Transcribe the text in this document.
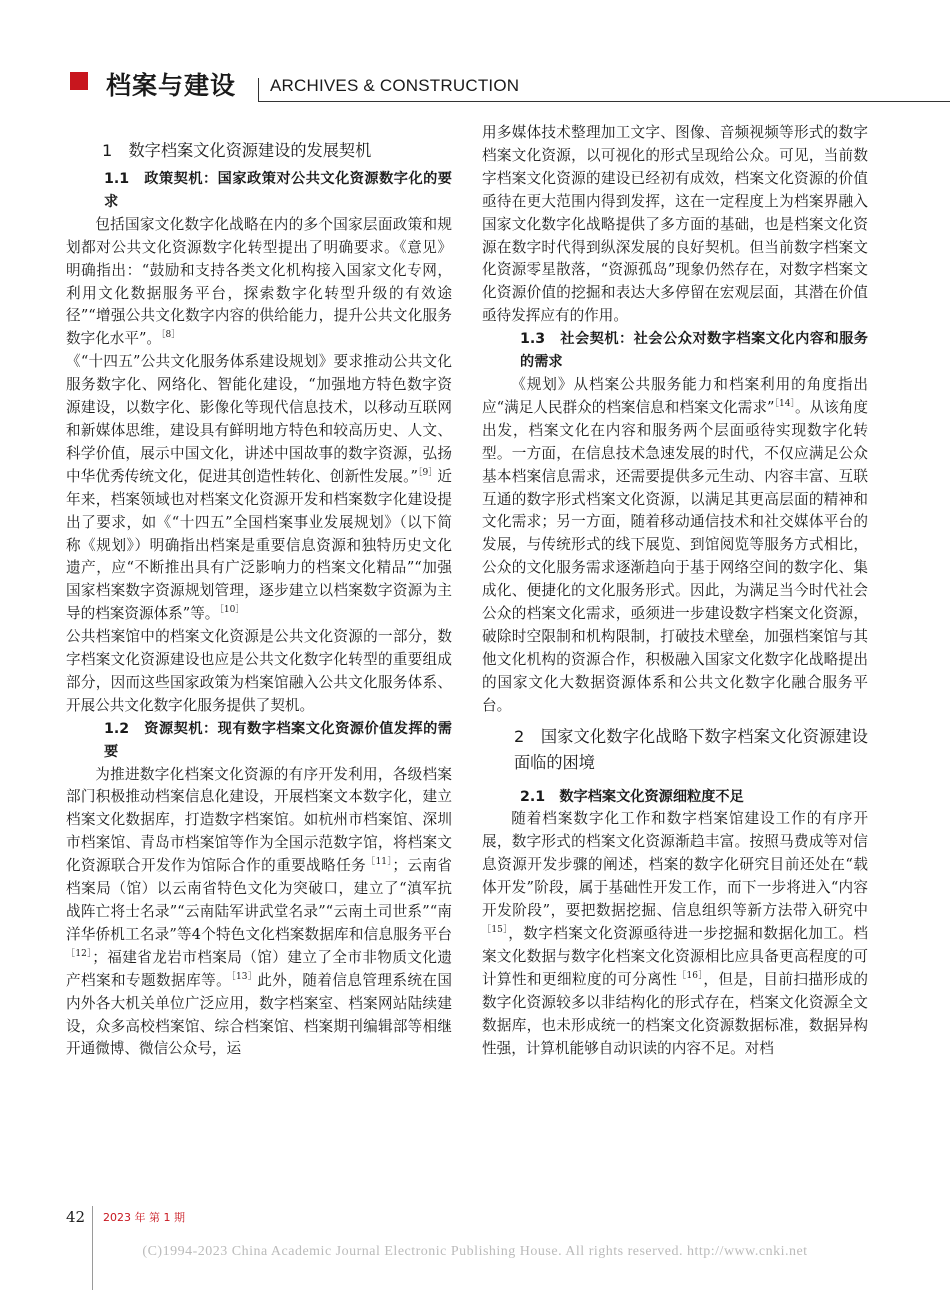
档案与建设 ARCHIVES & CONSTRUCTION
1　数字档案文化资源建设的发展契机
1.1　政策契机：国家政策对公共文化资源数字化的要求

包括国家文化数字化战略在内的多个国家层面政策和规划都对公共文化资源数字化转型提出了明确要求。《意见》明确指出：“鼓励和支持各类文化机构接入国家文化专网，利用文化数据服务平台，探索数字化转型升级的有效途径”“增强公共文化数字内容的供给能力，提升公共文化服务数字化水平”。$^{[8]}$

《“十四五”公共文化服务体系建设规划》要求推动公共文化服务数字化、网络化、智能化建设，“加强地方特色数字资源建设，以数字化、影像化等现代信息技术，以移动互联网和新媒体思维，建设具有鲜明地方特色和较高历史、人文、科学价值，展示中国文化，讲述中国故事的数字资源，弘扬中华优秀传统文化，促进其创造性转化、创新性发展。”$^{[9]}$近年来，档案领域也对档案文化资源开发和档案数字化建设提出了要求，如《“十四五”全国档案事业发展规划》（以下简称《规划》）明确指出档案是重要信息资源和独特历史文化遗产，应“不断推出具有广泛影响力的档案文化精品”“加强国家档案数字资源规划管理，逐步建立以档案数字资源为主导的档案资源体系”等。$^{[10]}$

公共档案馆中的档案文化资源是公共文化资源的一部分，数字档案文化资源建设也应是公共文化数字化转型的重要组成部分，因而这些国家政策为档案馆融入公共文化服务体系、开展公共文化数字化服务提供了契机。

1.2　资源契机：现有数字档案文化资源价值发挥的需要

为推进数字化档案文化资源的有序开发利用，各级档案部门积极推动档案信息化建设，开展档案文本数字化，建立档案文化数据库，打造数字档案馆。如杭州市档案馆、深圳市档案馆、青岛市档案馆等作为全国示范数字馆，将档案文化资源联合开发作为馆际合作的重要战略任务$^{[11]}$；云南省档案局（馆）以云南省特色文化为突破口，建立了“滇军抗战阵亡将士名录”“云南陆军讲武堂名录”“云南土司世系”“南洋华侨机工名录”等4个特色文化档案数据库和信息服务平台$^{[12]}$；福建省龙岩市档案局（馆）建立了全市非物质文化遗产档案和专题数据库等。$^{[13]}$此外，随着信息管理系统在国内外各大机关单位广泛应用，数字档案室、档案网站陆续建设，众多高校档案馆、综合档案馆、档案期刊编辑部等相继开通微博、微信公众号，运

用多媒体技术整理加工文字、图像、音频视频等形式的数字档案文化资源，以可视化的形式呈现给公众。可见，当前数字档案文化资源的建设已经初有成效，档案文化资源的价值亟待在更大范围内得到发挥，这在一定程度上为档案界融入国家文化数字化战略提供了多方面的基础，也是档案文化资源在数字时代得到纵深发展的良好契机。但当前数字档案文化资源零星散落，“资源孤岛”现象仍然存在，对数字档案文化资源价值的挖掘和表达大多停留在宏观层面，其潜在价值亟待发挥应有的作用。

1.3　社会契机：社会公众对数字档案文化内容和服务的需求

《规划》从档案公共服务能力和档案利用的角度指出应“满足人民群众的档案信息和档案文化需求”$^{[14]}$。从该角度出发，档案文化在内容和服务两个层面亟待实现数字化转型。一方面，在信息技术急速发展的时代，不仅应满足公众基本档案信息需求，还需要提供多元生动、内容丰富、互联互通的数字形式档案文化资源，以满足其更高层面的精神和文化需求；另一方面，随着移动通信技术和社交媒体平台的发展，与传统形式的线下展览、到馆阅览等服务方式相比，公众的文化服务需求逐渐趋向于基于网络空间的数字化、集成化、便捷化的文化服务形式。因此，为满足当今时代社会公众的档案文化需求，亟须进一步建设数字档案文化资源，破除时空限制和机构限制，打破技术壁垒，加强档案馆与其他文化机构的资源合作，积极融入国家文化数字化战略提出的国家文化大数据资源体系和公共文化数字化融合服务平台。

2　国家文化数字化战略下数字档案文化资源建设面临的困境
2.1　数字档案文化资源细粒度不足

随着档案数字化工作和数字档案馆建设工作的有序开展，数字形式的档案文化资源渐趋丰富。按照马费成等对信息资源开发步骤的阐述，档案的数字化研究目前还处在“载体开发”阶段，属于基础性开发工作，而下一步将进入“内容开发阶段”，要把数据挖掘、信息组织等新方法带入研究中$^{[15]}$，数字档案文化资源亟待进一步挖掘和数据化加工。档案文化数据与数字化档案文化资源相比应具备更高程度的可计算性和更细粒度的可分离性$^{[16]}$，但是，目前扫描形成的数字化资源较多以非结构化的形式存在，档案文化资源全文数据库，也未形成统一的档案文化资源数据标准，数据异构性强，计算机能够自动识读的内容不足。对档

42 2023 年 第 1 期
(C)1994-2023 China Academic Journal Electronic Publishing House. All rights reserved. http://www.cnki.net
